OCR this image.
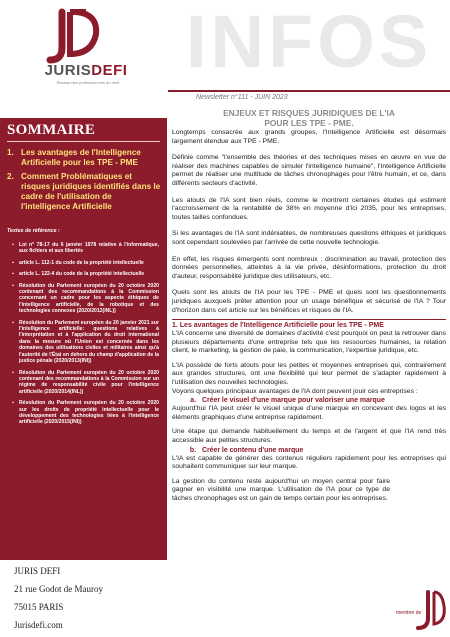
JURISDEFI
Réseau des professionnels du droit INFOS
Newsletter n°111 - JUIN 2023
SOMMAIRE
1. Les avantages de l'Intelligence Artificielle pour les TPE - PME
2. Comment Problématiques et risques juridiques identifiés dans le cadre de l'utilisation de l'intelligence Artificielle
Textes de référence :
▪ Loi n° 78-17 du 6 janvier 1978 relative à l'informatique, aux fichiers et aux libertés
▪ article L. 112-1 du code de la propriété intellectuelle
▪ article L. 122-4 du code de la propriété intellectuelle
▪ Résolution du Parlement européen du 20 octobre 2020 contenant des recommandations à la Commission concernant un cadre pour les aspects éthiques de l'intelligence artificielle, de la robotique et des technologies connexes (2020/2012(INL))
▪ Résolution du Parlement européen du 20 janvier 2021 sur l'intelligence artificielle: questions relatives à l'interprétation et à l'application du droit international dans la mesure où l'Union est concernée dans les domaines des utilisations civiles et militaires ainsi qu'à l'autorité de l'État en dehors du champ d'application de la justice pénale (2020/2013(INI))
▪ Résolution du Parlement européen du 20 octobre 2020 contenant des recommandations à la Commission sur un régime de responsabilité civile pour l'intelligence artificielle (2020/2014(INL))
▪ Résolution du Parlement européen du 20 octobre 2020 sur les droits de propriété intellectuelle pour le développement des technologies liées à l'intelligence artificielle (2020/2015(INI))
JURIS DEFI
21 rue Godot de Mauroy
75015 PARIS
Jurisdefi.com
ENJEUX ET RISQUES JURIDIQUES DE L'IA
POUR LES TPE - PME.

Longtemps consacrée aux grands groupes, l'Intelligence Artificielle est désormais largement étendue aux TPE - PME.

Définie comme "l'ensemble des théories et des techniques mises en œuvre en vue de réaliser des machines capables de simuler l'intelligence humaine", l'Intelligence Artificielle permet de réaliser une multitude de tâches chronophages pour l'être humain, et ce, dans différents secteurs d'activité.

Les atouts de l'IA sont bien réels, comme le montrent certaines études qui estiment l'accroissement de la rentabilité de 38% en moyenne d'ici 2035, pour les entreprises, toutes tailles confondues.

Si les avantages de l'IA sont indéniables, de nombreuses questions éthiques et juridiques sont cependant soulevées par l'arrivée de cette nouvelle technologie.

En effet, les risques émergents sont nombreux : discrimination au travail, protection des données personnelles, atteintes à la vie privée, désinformations, protection du droit d'auteur, responsabilité juridique des utilisateurs, etc.

Quels sont les atouts de l'IA pour les TPE - PME et quels sont les questionnements juridiques auxquels prêter attention pour un usage bénéfique et sécurisé de l'IA ? Tour d'horizon dans cet article sur les bénéfices et risques de l'IA.

1. Les avantages de l'Intelligence Artificielle pour les TPE - PME

L'IA concerne une diversité de domaines d'activité c'est pourquoi on peut la retrouver dans plusieurs départements d'une entreprise tels que les ressources humaines, la relation client, le marketing, la gestion de paie, la communication, l'expertise juridique, etc.

L'IA possède de forts atouts pour les petites et moyennes entreprises qui, contrairement aux grandes structures, ont une flexibilité qui leur permet de s'adapter rapidement à l'utilisation des nouvelles technologies.

Voyons quelques principaux avantages de l'IA dont peuvent jouir ces entreprises :

a. Créer le visuel d'une marque pour valoriser une marque

Aujourd'hui l'IA peut créer le visuel unique d'une marque en concevant des logos et les éléments graphiques d'une entreprise rapidement.

Une étape qui demande habituellement du temps et de l'argent et que l'IA rend très accessible aux petites structures.

b. Créer le contenu d'une marque

L'IA est capable de générer des contenus réguliers rapidement pour les entreprises qui souhaitent communiquer sur leur marque.

La gestion du contenu reste aujourd'hui un moyen central pour faire gagner en visibilité une marque. L'utilisation de l'IA pour ce type de tâches chronophages est un gain de temps certain pour les entreprises.

membre de
